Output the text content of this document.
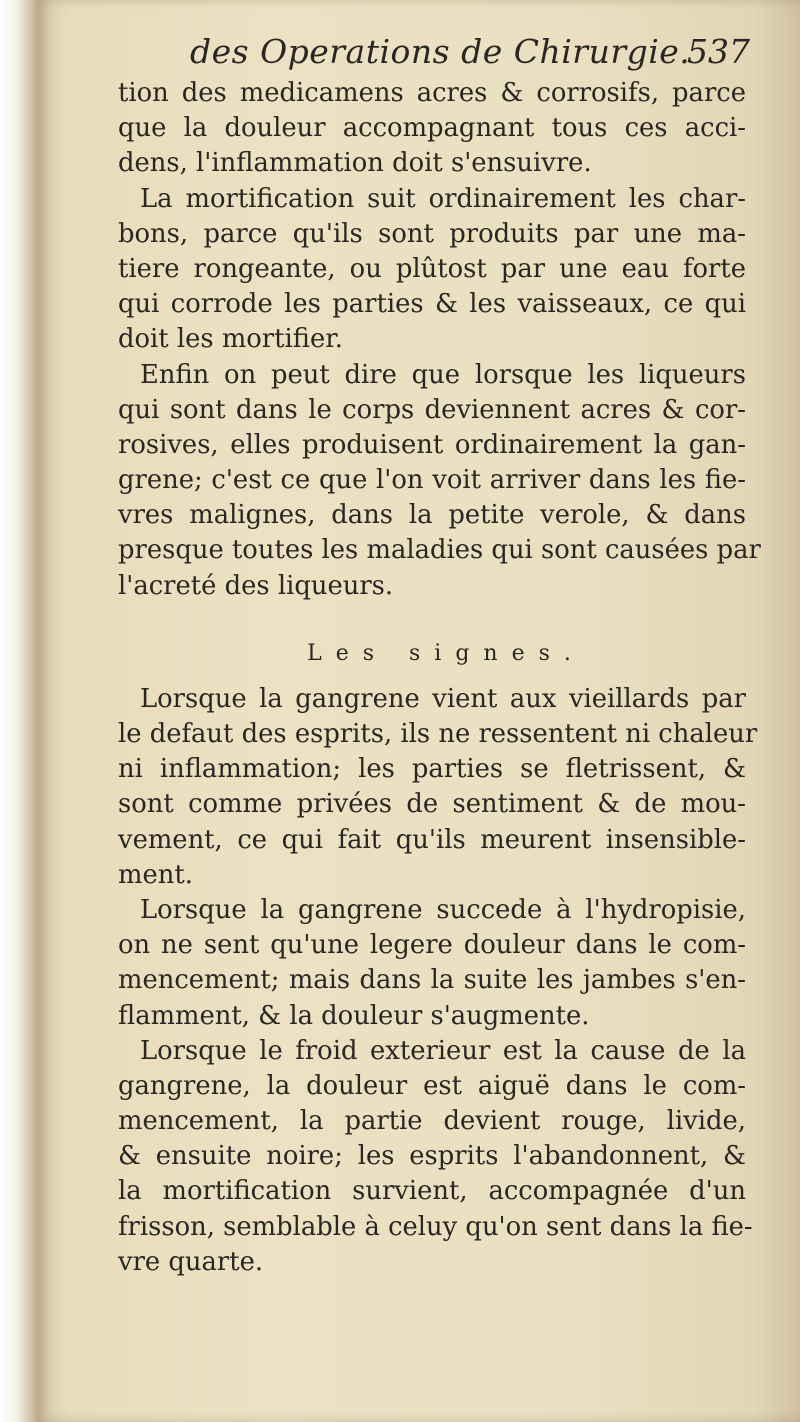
des Operations de Chirurgie.
537
tion des medicamens acres & corrosifs, parce
que la douleur accompagnant tous ces acci-
dens, l'inflammation doit s'ensuivre.
La mortification suit ordinairement les char-
bons, parce qu'ils sont produits par une ma-
tiere rongeante, ou plûtost par une eau forte
qui corrode les parties & les vaisseaux, ce qui
doit les mortifier.
Enfin on peut dire que lorsque les liqueurs
qui sont dans le corps deviennent acres & cor-
rosives, elles produisent ordinairement la gan-
grene; c'est ce que l'on voit arriver dans les fie-
vres malignes, dans la petite verole, & dans
presque toutes les maladies qui sont causées par
l'acreté des liqueurs.
Les signes.
Lorsque la gangrene vient aux vieillards par
le defaut des esprits, ils ne ressentent ni chaleur
ni inflammation; les parties se fletrissent, &
sont comme privées de sentiment & de mou-
vement, ce qui fait qu'ils meurent insensible-
ment.
Lorsque la gangrene succede à l'hydropisie,
on ne sent qu'une legere douleur dans le com-
mencement; mais dans la suite les jambes s'en-
flamment, & la douleur s'augmente.
Lorsque le froid exterieur est la cause de la
gangrene, la douleur est aiguë dans le com-
mencement, la partie devient rouge, livide,
& ensuite noire; les esprits l'abandonnent, &
la mortification survient, accompagnée d'un
frisson, semblable à celuy qu'on sent dans la fie-
vre quarte.
